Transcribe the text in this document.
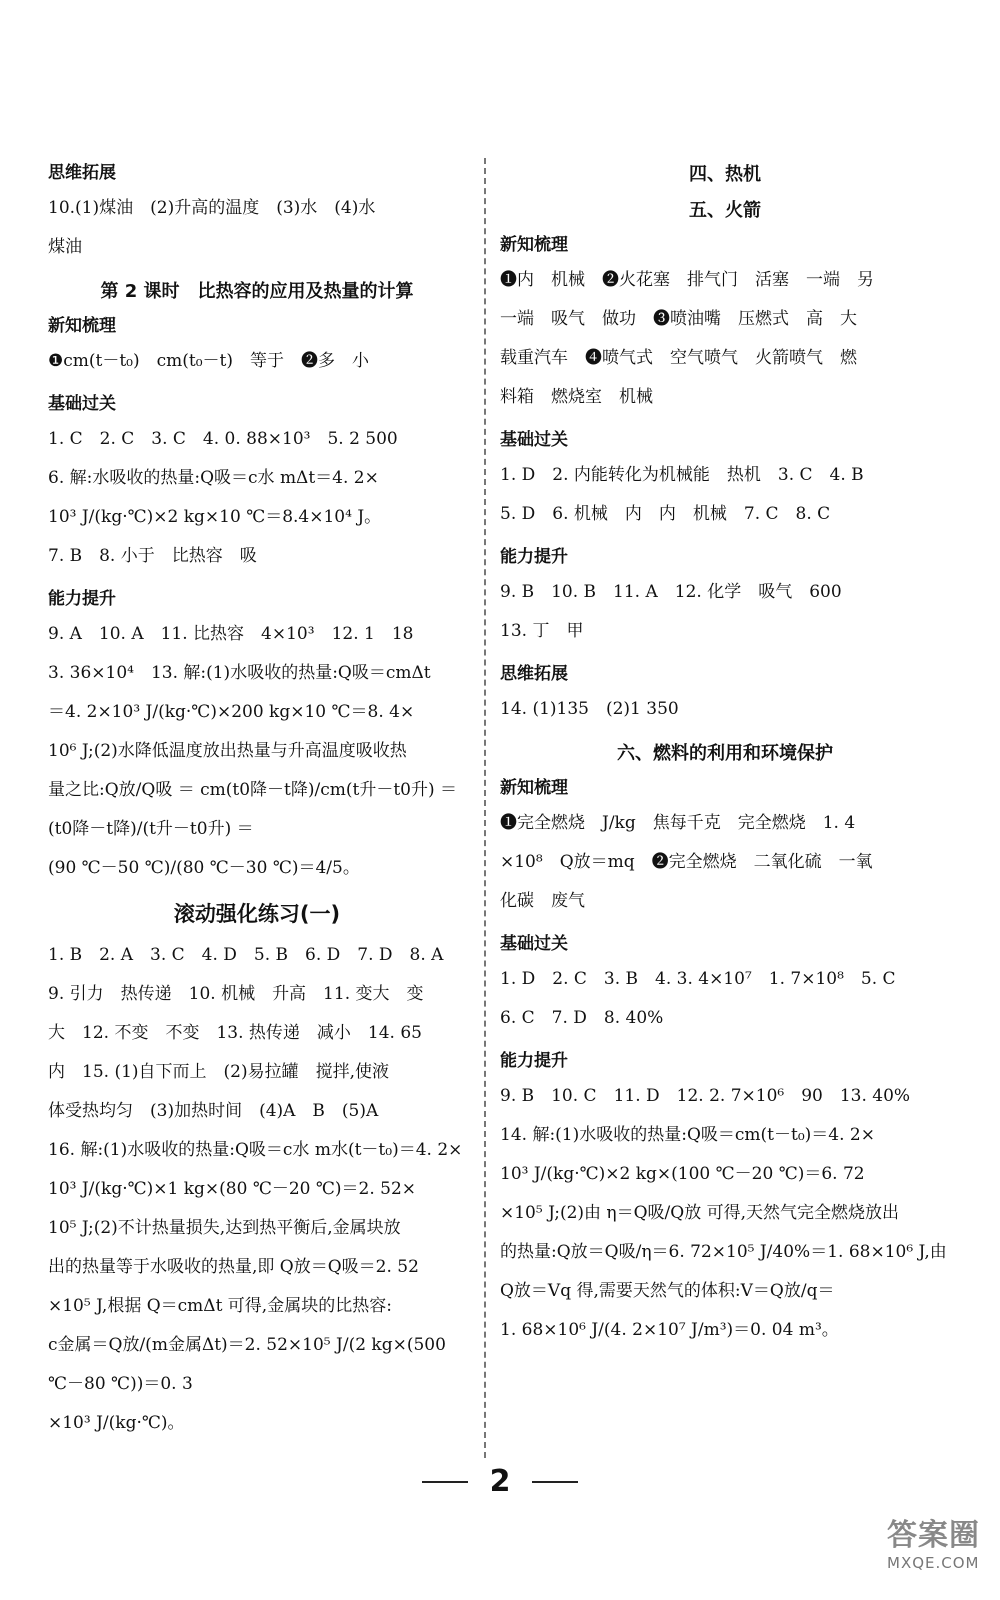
思维拓展

10.(1)煤油　(2)升高的温度　(3)水　(4)水

煤油

第 2 课时　比热容的应用及热量的计算
新知梳理

❶cm(t－t₀)　cm(t₀－t)　等于　❷多　小

基础过关

1. C　2. C　3. C　4. 0. 88×10³　5. 2 500

6. 解:水吸收的热量:Q吸＝c水 mΔt＝4. 2×

10³ J/(kg·℃)×2 kg×10 ℃＝8.4×10⁴ J。

7. B　8. 小于　比热容　吸

能力提升

9. A　10. A　11. 比热容　4×10³　12. 1　18

3. 36×10⁴　13. 解:(1)水吸收的热量:Q吸＝cmΔt

＝4. 2×10³ J/(kg·℃)×200 kg×10 ℃＝8. 4×

10⁶ J;(2)水降低温度放出热量与升高温度吸收热

量之比:Q放/Q吸 ＝ cm(t0降－t降)/cm(t升－t0升) ＝ (t0降－t降)/(t升－t0升) ＝

(90 ℃－50 ℃)/(80 ℃－30 ℃)＝4/5。

滚动强化练习(一)

1. B　2. A　3. C　4. D　5. B　6. D　7. D　8. A

9. 引力　热传递　10. 机械　升高　11. 变大　变

大　12. 不变　不变　13. 热传递　减小　14. 65

内　15. (1)自下而上　(2)易拉罐　搅拌,使液

体受热均匀　(3)加热时间　(4)A　B　(5)A

16. 解:(1)水吸收的热量:Q吸＝c水 m水(t－t₀)＝4. 2×

10³ J/(kg·℃)×1 kg×(80 ℃－20 ℃)＝2. 52×

10⁵ J;(2)不计热量损失,达到热平衡后,金属块放

出的热量等于水吸收的热量,即 Q放＝Q吸＝2. 52

×10⁵ J,根据 Q＝cmΔt 可得,金属块的比热容:

c金属＝Q放/(m金属Δt)＝2. 52×10⁵ J/(2 kg×(500 ℃－80 ℃))＝0. 3

×10³ J/(kg·℃)。

四、热机
五、火箭
新知梳理

❶内　机械　❷火花塞　排气门　活塞　一端　另

一端　吸气　做功　❸喷油嘴　压燃式　高　大

载重汽车　❹喷气式　空气喷气　火箭喷气　燃

料箱　燃烧室　机械

基础过关

1. D　2. 内能转化为机械能　热机　3. C　4. B

5. D　6. 机械　内　内　机械　7. C　8. C

能力提升

9. B　10. B　11. A　12. 化学　吸气　600

13. 丁　甲

思维拓展

14. (1)135　(2)1 350

六、燃料的利用和环境保护
新知梳理

❶完全燃烧　J/kg　焦每千克　完全燃烧　1. 4

×10⁸　Q放＝mq　❷完全燃烧　二氧化硫　一氧

化碳　废气

基础过关

1. D　2. C　3. B　4. 3. 4×10⁷　1. 7×10⁸　5. C

6. C　7. D　8. 40%

能力提升

9. B　10. C　11. D　12. 2. 7×10⁶　90　13. 40%

14. 解:(1)水吸收的热量:Q吸＝cm(t－t₀)＝4. 2×

10³ J/(kg·℃)×2 kg×(100 ℃－20 ℃)＝6. 72

×10⁵ J;(2)由 η＝Q吸/Q放 可得,天然气完全燃烧放出

的热量:Q放＝Q吸/η＝6. 72×10⁵ J/40%＝1. 68×10⁶ J,由

Q放＝Vq 得,需要天然气的体积:V＝Q放/q＝

1. 68×10⁶ J/(4. 2×10⁷ J/m³)＝0. 04 m³。

2
答案圈
MXQE.COM
